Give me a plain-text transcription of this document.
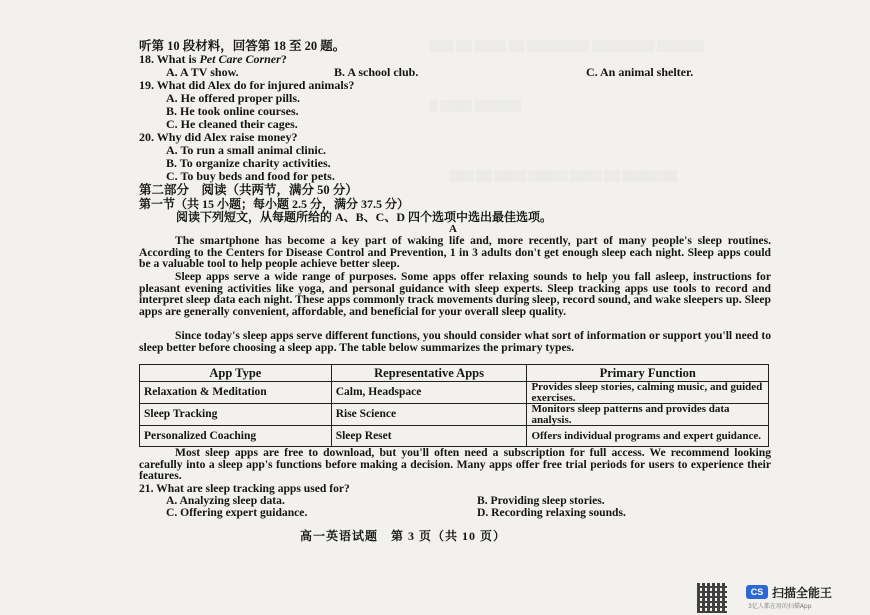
▒▒▒ ▒▒ ▒▒▒▒ ▒▒ ▒▒▒▒▒▒▒▒ ▒▒▒▒▒▒▒▒ ▒▒▒▒▒▒
▒ ▒▒▒▒ ▒▒▒▒▒▒
▒▒▒ ▒▒ ▒▒▒▒ ▒▒▒▒▒ ▒▒▒▒ ▒▒ ▒▒▒▒▒▒▒
听第 10 段材料，回答第 18 至 20 题。
18. What is Pet Care Corner?
A. A TV show.	B. A school club.	C. An animal shelter.
19. What did Alex do for injured animals?
A. He offered proper pills.
B. He took online courses.
C. He cleaned their cages.
20. Why did Alex raise money?
A. To run a small animal clinic.
B. To organize charity activities.
C. To buy beds and food for pets.
第二部分　阅读（共两节，满分 50 分）
第一节（共 15 小题；每小题 2.5 分，满分 37.5 分）
阅读下列短文，从每题所给的 A、B、C、D 四个选项中选出最佳选项。
A
The smartphone has become a key part of waking life and, more recently, part of many people's sleep routines. According to the Centers for Disease Control and Prevention, 1 in 3 adults don't get enough sleep each night. Sleep apps could be a valuable tool to help people achieve better sleep.
Sleep apps serve a wide range of purposes. Some apps offer relaxing sounds to help you fall asleep, instructions for pleasant evening activities like yoga, and personal guidance with sleep experts. Sleep tracking apps use tools to record and interpret sleep data each night. These apps commonly track movements during sleep, record sound, and wake sleepers up. Sleep apps are generally convenient, affordable, and beneficial for your overall sleep quality.
Since today's sleep apps serve different functions, you should consider what sort of information or support you'll need to sleep better before choosing a sleep app. The table below summarizes the primary types.
App Type	Representative Apps	Primary Function
Relaxation & Meditation	Calm, Headspace	Provides sleep stories, calming music, and guided exercises.
Sleep Tracking	Rise Science	Monitors sleep patterns and provides data analysis.
Personalized Coaching	Sleep Reset	Offers individual programs and expert guidance.
Most sleep apps are free to download, but you'll often need a subscription for full access. We recommend looking carefully into a sleep app's functions before making a decision. Many apps offer free trial periods for users to experience their features.
21. What are sleep tracking apps used for?
A. Analyzing sleep data.	B. Providing sleep stories.
C. Offering expert guidance.	D. Recording relaxing sounds.
高一英语试题　第 3 页（共 10 页）
CS 扫描全能王
3亿人都在用的扫描App
